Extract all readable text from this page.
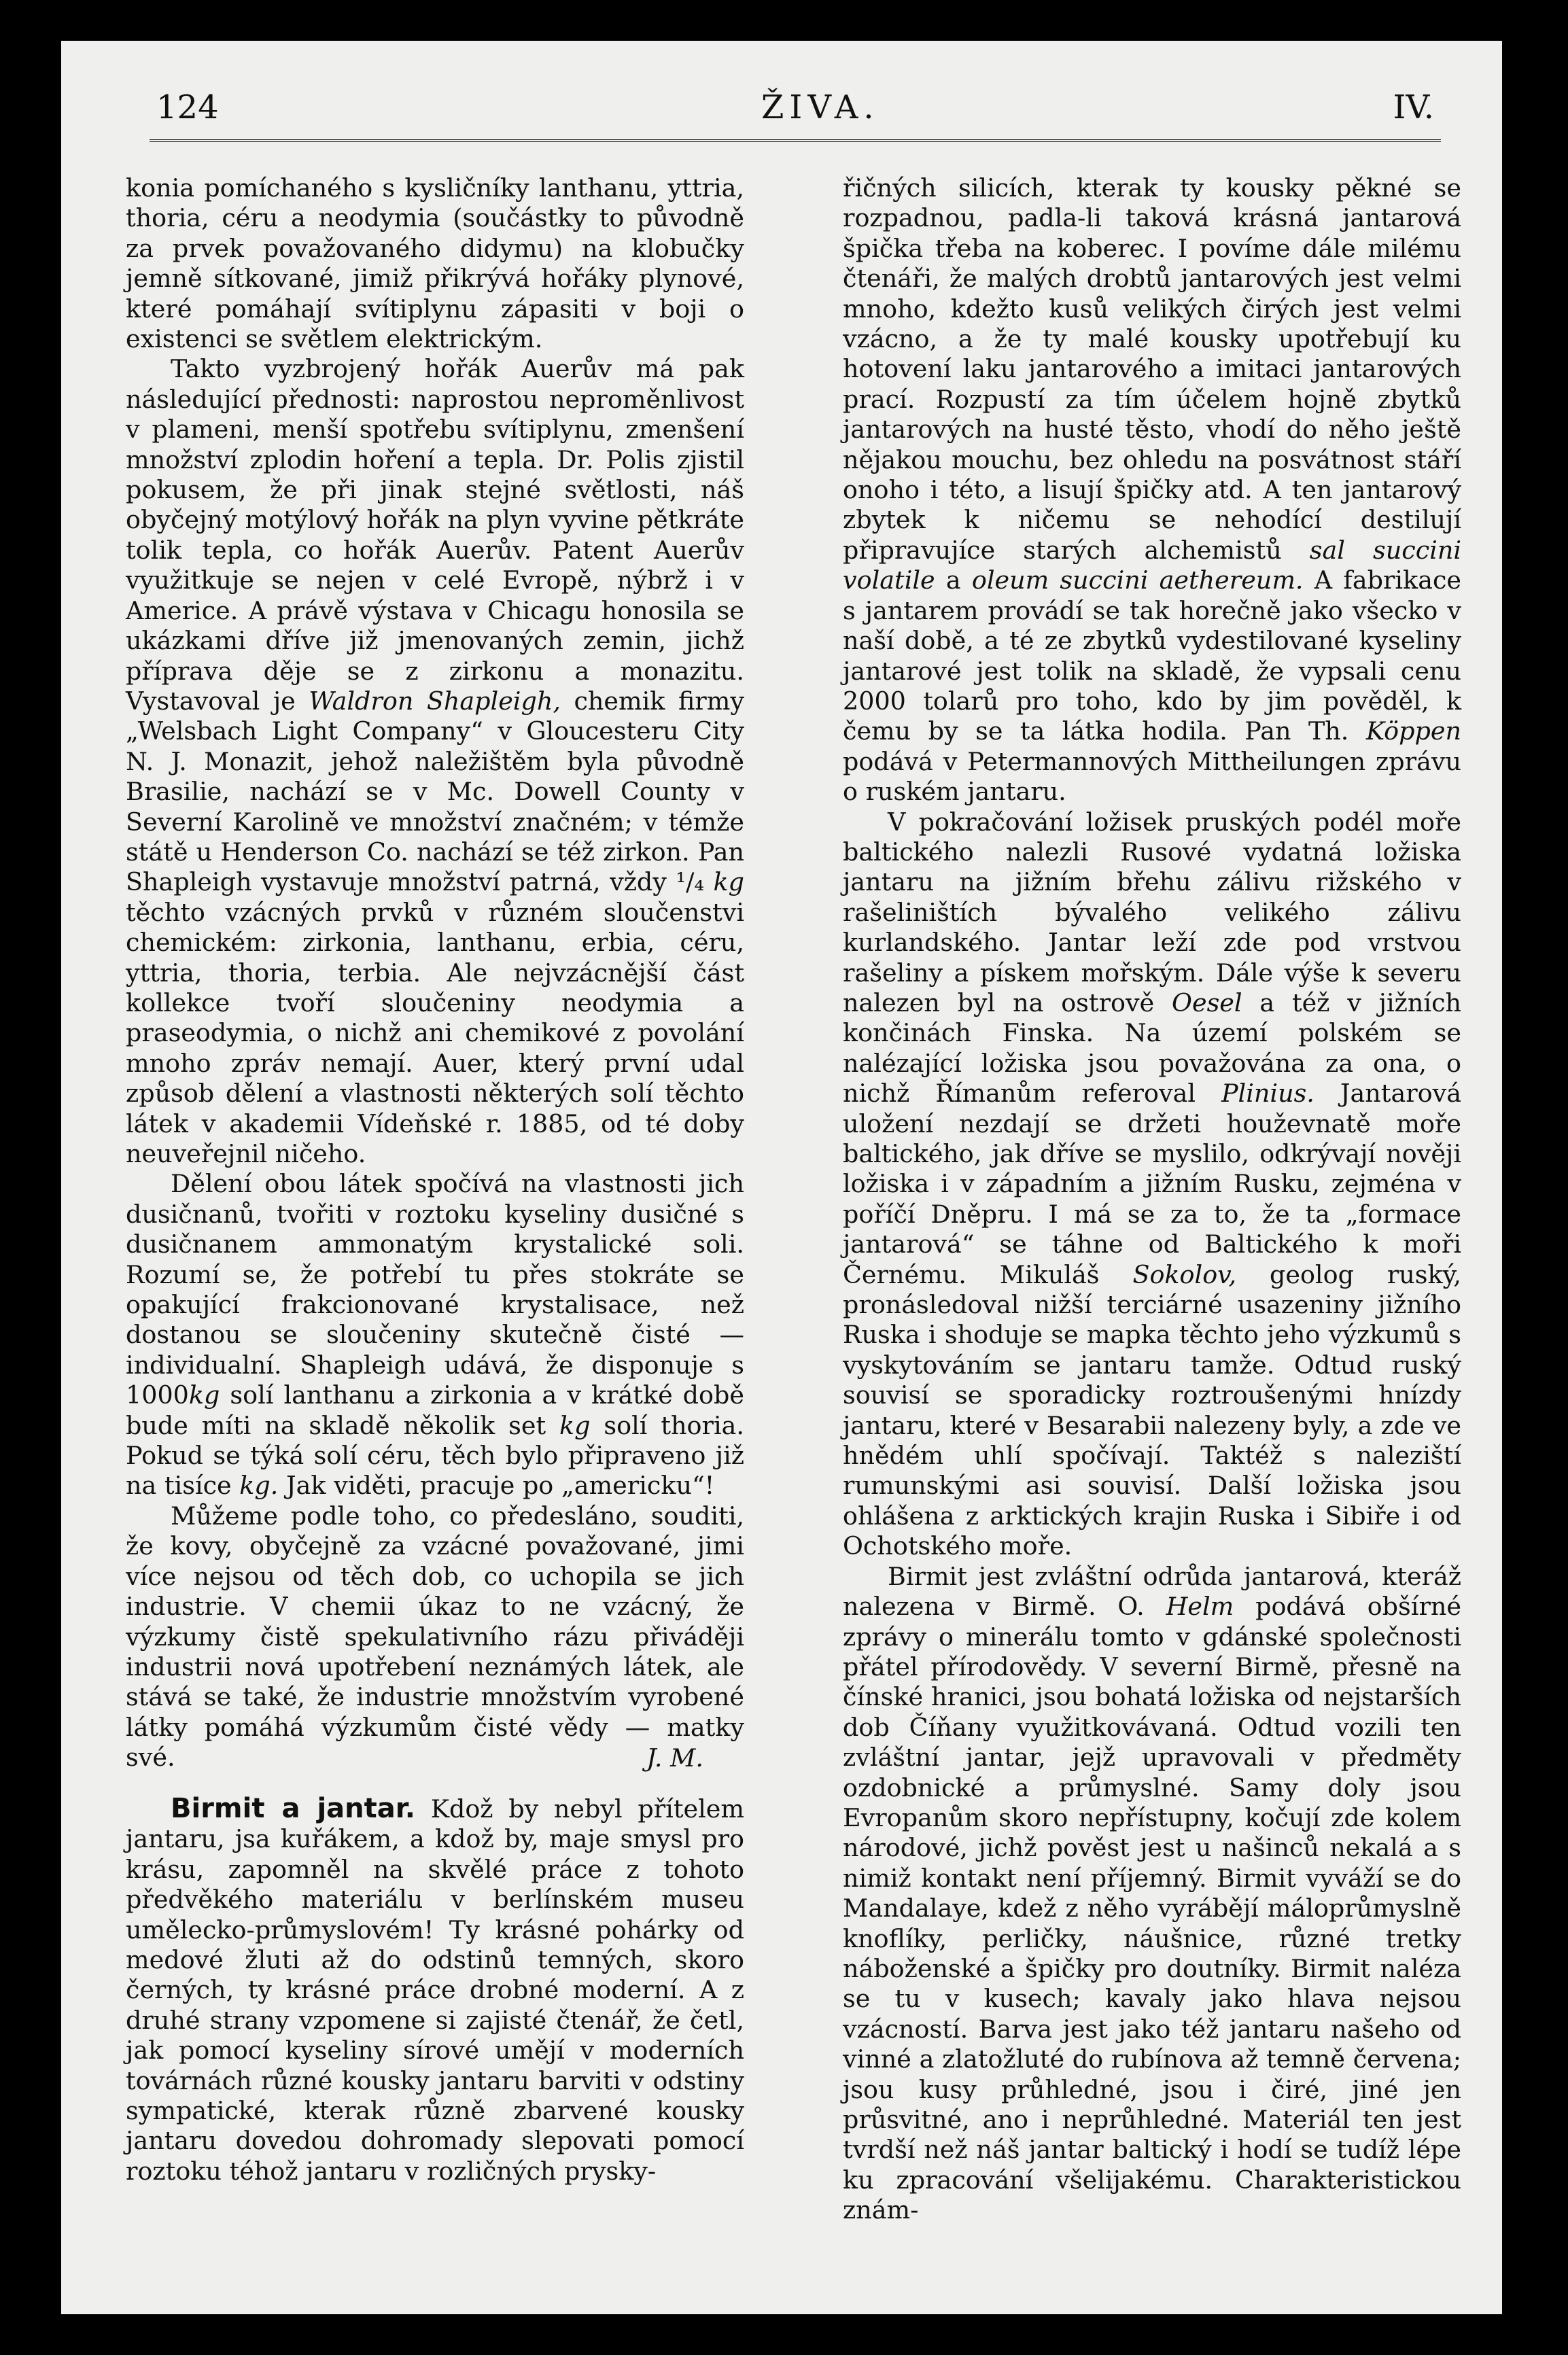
124	ŽIVA.	IV.

konia pomíchaného s kysličníky lanthanu, yttria, thoria, céru a neodymia (součástky to původně za prvek považovaného didymu) na klobučky jemně sítkované, jimiž přikrývá hořáky plynové, které pomáhají svítiplynu zápasiti v boji o existenci se světlem elektrickým.

Takto vyzbrojený hořák Auerův má pak následující přednosti: naprostou neproměnlivost v plameni, menší spotřebu svítiplynu, zmenšení množství zplodin hoření a tepla. Dr. Polis zjistil pokusem, že při jinak stejné světlosti, náš obyčejný motýlový hořák na plyn vyvine pětkráte tolik tepla, co hořák Auerův. Patent Auerův využitkuje se nejen v celé Evropě, nýbrž i v Americe. A právě výstava v Chicagu honosila se ukázkami dříve již jmenovaných zemin, jichž příprava děje se z zirkonu a monazitu. Vystavoval je Waldron Shapleigh, chemik firmy „Welsbach Light Company“ v Gloucesteru City N. J. Monazit, jehož naležištěm byla původně Brasilie, nachází se v Mc. Dowell County v Severní Karolině ve množství značném; v témže státě u Henderson Co. nachází se též zirkon. Pan Shapleigh vystavuje množství patrná, vždy ¹/₄ kg těchto vzácných prvků v různém sloučenstvi chemickém: zirkonia, lanthanu, erbia, céru, yttria, thoria, terbia. Ale nejvzácnější část kollekce tvoří sloučeniny neodymia a praseodymia, o nichž ani chemikové z povolání mnoho zpráv nemají. Auer, který první udal způsob dělení a vlastnosti některých solí těchto látek v akademii Vídeňské r. 1885, od té doby neuveřejnil ničeho.

Dělení obou látek spočívá na vlastnosti jich dusičnanů, tvořiti v roztoku kyseliny dusičné s dusičnanem ammonatým krystalické soli. Rozumí se, že potřebí tu přes stokráte se opakující frakcionované krystalisace, než dostanou se sloučeniny skutečně čisté — individualní. Shapleigh udává, že disponuje s 1000kg solí lanthanu a zirkonia a v krátké době bude míti na skladě několik set kg solí thoria. Pokud se týká solí céru, těch bylo připraveno již na tisíce kg. Jak viděti, pracuje po „americku“!

Můžeme podle toho, co předesláno, souditi, že kovy, obyčejně za vzácné považované, jimi více nejsou od těch dob, co uchopila se jich industrie. V chemii úkaz to ne vzácný, že výzkumy čistě spekulativního rázu přiváději industrii nová upotřebení neznámých látek, ale stává se také, že industrie množstvím vyrobené látky pomáhá výzkumům čisté vědy — matky své.	J. M.

Birmit a jantar. Kdož by nebyl přítelem jantaru, jsa kuřákem, a kdož by, maje smysl pro krásu, zapomněl na skvělé práce z tohoto předvěkého materiálu v berlínském museu umělecko-průmyslovém! Ty krásné pohárky od medové žluti až do odstinů temných, skoro černých, ty krásné práce drobné moderní. A z druhé strany vzpomene si zajisté čtenář, že četl, jak pomocí kyseliny sírové umějí v moderních továrnách různé kousky jantaru barviti v odstiny sympatické, kterak různě zbarvené kousky jantaru dovedou dohromady slepovati pomocí roztoku téhož jantaru v rozličných prysky-

řičných silicích, kterak ty kousky pěkné se rozpadnou, padla-li taková krásná jantarová špička třeba na koberec. I povíme dále milému čtenáři, že malých drobtů jantarových jest velmi mnoho, kdežto kusů velikých čirých jest velmi vzácno, a že ty malé kousky upotřebují ku hotovení laku jantarového a imitaci jantarových prací. Rozpustí za tím účelem hojně zbytků jantarových na husté těsto, vhodí do něho ještě nějakou mouchu, bez ohledu na posvátnost stáří onoho i této, a lisují špičky atd. A ten jantarový zbytek k ničemu se nehodící destilují připravujíce starých alchemistů sal succini volatile a oleum succini aethereum. A fabrikace s jantarem provádí se tak horečně jako všecko v naší době, a té ze zbytků vydestilované kyseliny jantarové jest tolik na skladě, že vypsali cenu 2000 tolarů pro toho, kdo by jim pověděl, k čemu by se ta látka hodila. Pan Th. Köppen podává v Petermannových Mittheilungen zprávu o ruském jantaru.

V pokračování ložisek pruských podél moře baltického nalezli Rusové vydatná ložiska jantaru na jižním břehu zálivu rižského v rašeliništích bývalého velikého zálivu kurlandského. Jantar leží zde pod vrstvou rašeliny a pískem mořským. Dále výše k severu nalezen byl na ostrově Oesel a též v jižních končinách Finska. Na území polském se nalézající ložiska jsou považována za ona, o nichž Římanům referoval Plinius. Jantarová uložení nezdají se držeti houževnatě moře baltického, jak dříve se myslilo, odkrývají nověji ložiska i v západním a jižním Rusku, zejména v poříčí Dněpru. I má se za to, že ta „formace jantarová“ se táhne od Baltického k moři Černému. Mikuláš Sokolov, geolog ruský, pronásledoval nižší terciárné usazeniny jižního Ruska i shoduje se mapka těchto jeho výzkumů s vyskytováním se jantaru tamže. Odtud ruský souvisí se sporadicky roztroušenými hnízdy jantaru, které v Besarabii nalezeny byly, a zde ve hnědém uhlí spočívají. Taktéž s naleziští rumunskými asi souvisí. Další ložiska jsou ohlášena z arktických krajin Ruska i Sibiře i od Ochotského moře.

Birmit jest zvláštní odrůda jantarová, kteráž nalezena v Birmě. O. Helm podává obšírné zprávy o minerálu tomto v gdánské společnosti přátel přírodovědy. V severní Birmě, přesně na čínské hranici, jsou bohatá ložiska od nejstarších dob Číňany využitkovávaná. Odtud vozili ten zvláštní jantar, jejž upravovali v předměty ozdobnické a průmyslné. Samy doly jsou Evropanům skoro nepřístupny, kočují zde kolem národové, jichž pověst jest u našinců nekalá a s nimiž kontakt není příjemný. Birmit vyváží se do Mandalaye, kdež z něho vyrábějí máloprůmyslně knoflíky, perličky, náušnice, různé tretky náboženské a špičky pro doutníky. Birmit naléza se tu v kusech; kavaly jako hlava nejsou vzácností. Barva jest jako též jantaru našeho od vinné a zlatožluté do rubínova až temně červena; jsou kusy průhledné, jsou i čiré, jiné jen průsvitné, ano i neprůhledné. Materiál ten jest tvrdší než náš jantar baltický i hodí se tudíž lépe ku zpracování všelijakému. Charakteristickou znám-
